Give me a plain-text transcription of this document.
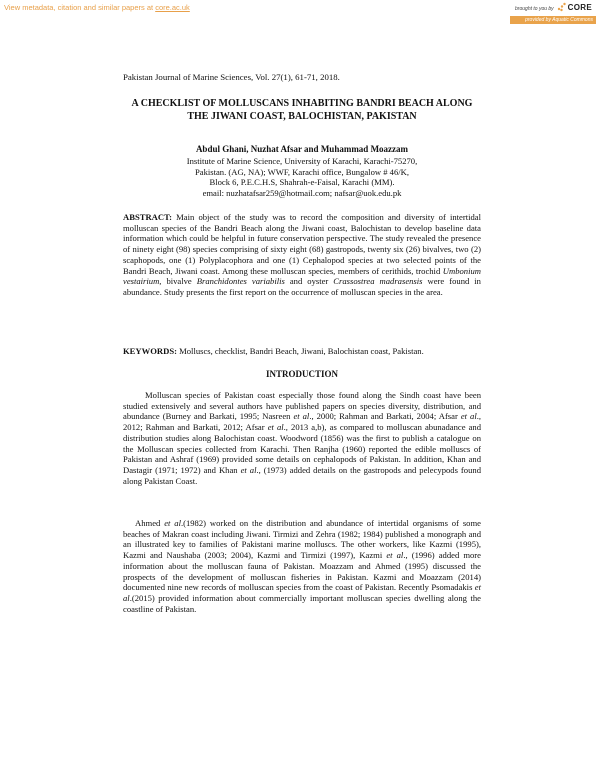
View metadata, citation and similar papers at core.ac.uk	brought to you by CORE
provided by Aquatic Commons
Pakistan Journal of Marine Sciences, Vol. 27(1), 61-71, 2018.
A CHECKLIST OF MOLLUSCANS INHABITING BANDRI BEACH ALONG THE JIWANI COAST, BALOCHISTAN, PAKISTAN
Abdul Ghani, Nuzhat Afsar and Muhammad Moazzam
Institute of Marine Science, University of Karachi, Karachi-75270,
Pakistan. (AG, NA); WWF, Karachi office, Bungalow # 46/K,
Block 6, P.E.C.H.S, Shahrah-e-Faisal, Karachi (MM).
email: nuzhatafsar259@hotmail.com; nafsar@uok.edu.pk
ABSTRACT: Main object of the study was to record the composition and diversity of intertidal molluscan species of the Bandri Beach along the Jiwani coast, Balochistan to develop baseline data information which could be helpful in future conservation perspective. The study revealed the presence of ninety eight (98) species comprising of sixty eight (68) gastropods, twenty six (26) bivalves, two (2) scaphopods, one (1) Polyplacophora and one (1) Cephalopod species at two selected points of the Bandri Beach, Jiwani coast. Among these molluscan species, members of cerithids, trochid Umbonium vestairium, bivalve Branchidontes variabilis and oyster Crassostrea madrasensis were found in abundance. Study presents the first report on the occurrence of molluscan species in the area.
KEYWORDS: Molluscs, checklist, Bandri Beach, Jiwani, Balochistan coast, Pakistan.
INTRODUCTION
Molluscan species of Pakistan coast especially those found along the Sindh coast have been studied extensively and several authors have published papers on species diversity, distribution, and abundance (Burney and Barkati, 1995; Nasreen et al., 2000; Rahman and Barkati, 2004; Afsar et al., 2012; Rahman and Barkati, 2012; Afsar et al., 2013 a,b), as compared to molluscan abunadance and distribution studies along Balochistan coast. Woodword (1856) was the first to publish a catalogue on the Molluscan species collected from Karachi. Then Ranjha (1960) reported the edible molluscs of Pakistan and Ashraf (1969) provided some details on cephalopods of Pakistan. In addition, Khan and Dastagir (1971; 1972) and Khan et al., (1973) added details on the gastropods and pelecypods found along Pakistan Coast.
Ahmed et al.(1982) worked on the distribution and abundance of intertidal organisms of some beaches of Makran coast including Jiwani. Tirmizi and Zehra (1982; 1984) published a monograph and an illustrated key to families of Pakistani marine molluscs. The other workers, like Kazmi (1995), Kazmi and Naushaba (2003; 2004), Kazmi and Tirmizi (1997), Kazmi et al., (1996) added more information about the molluscan fauna of Pakistan. Moazzam and Ahmed (1995) discussed the prospects of the development of molluscan fisheries in Pakistan. Kazmi and Moazzam (2014) documented nine new records of molluscan species from the coast of Pakistan. Recently Psomadakis et al.(2015) provided information about commercially important molluscan species dwelling along the coastline of Pakistan.
